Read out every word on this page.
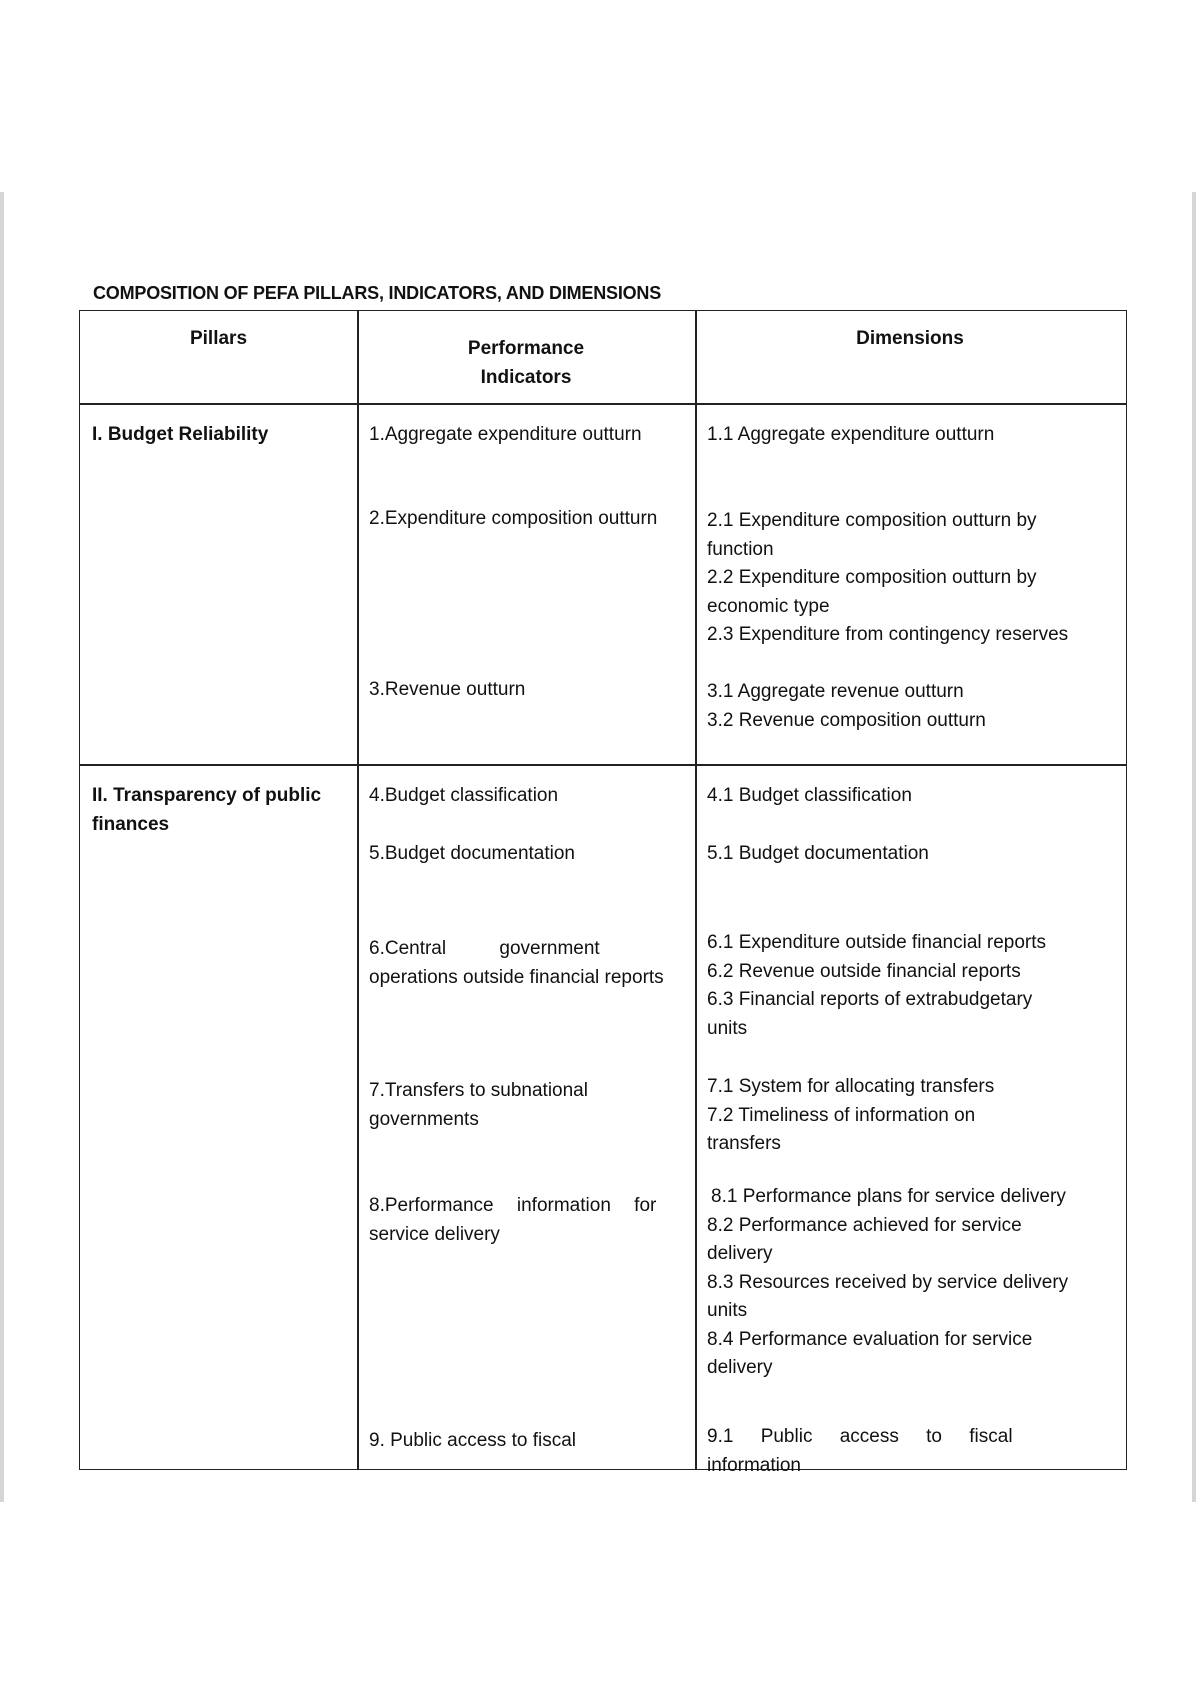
COMPOSITION OF PEFA PILLARS, INDICATORS, AND DIMENSIONS
Pillars	Performance
Indicators
Dimensions
I. Budget Reliability
II. Transparency of public
finances
1.Aggregate expenditure outturn
2.Expenditure composition outturn
3.Revenue outturn
4.Budget classification
5.Budget documentation
6.Central government
operations outside financial reports
7.Transfers to subnational
governments
8.Performance information for
service delivery
9. Public access to fiscal
1.1 Aggregate expenditure outturn
2.1 Expenditure composition outturn by
function
2.2 Expenditure composition outturn by
economic type
2.3 Expenditure from contingency reserves
3.1 Aggregate revenue outturn
3.2 Revenue composition outturn
4.1 Budget classification
5.1 Budget documentation
6.1 Expenditure outside financial reports
6.2 Revenue outside financial reports
6.3 Financial reports of extrabudgetary
units
7.1 System for allocating transfers
7.2 Timeliness of information on
transfers
8.1 Performance plans for service delivery
8.2 Performance achieved for service
delivery
8.3 Resources received by service delivery
units
8.4 Performance evaluation for service
delivery
9.1 Public access to fiscal
information
